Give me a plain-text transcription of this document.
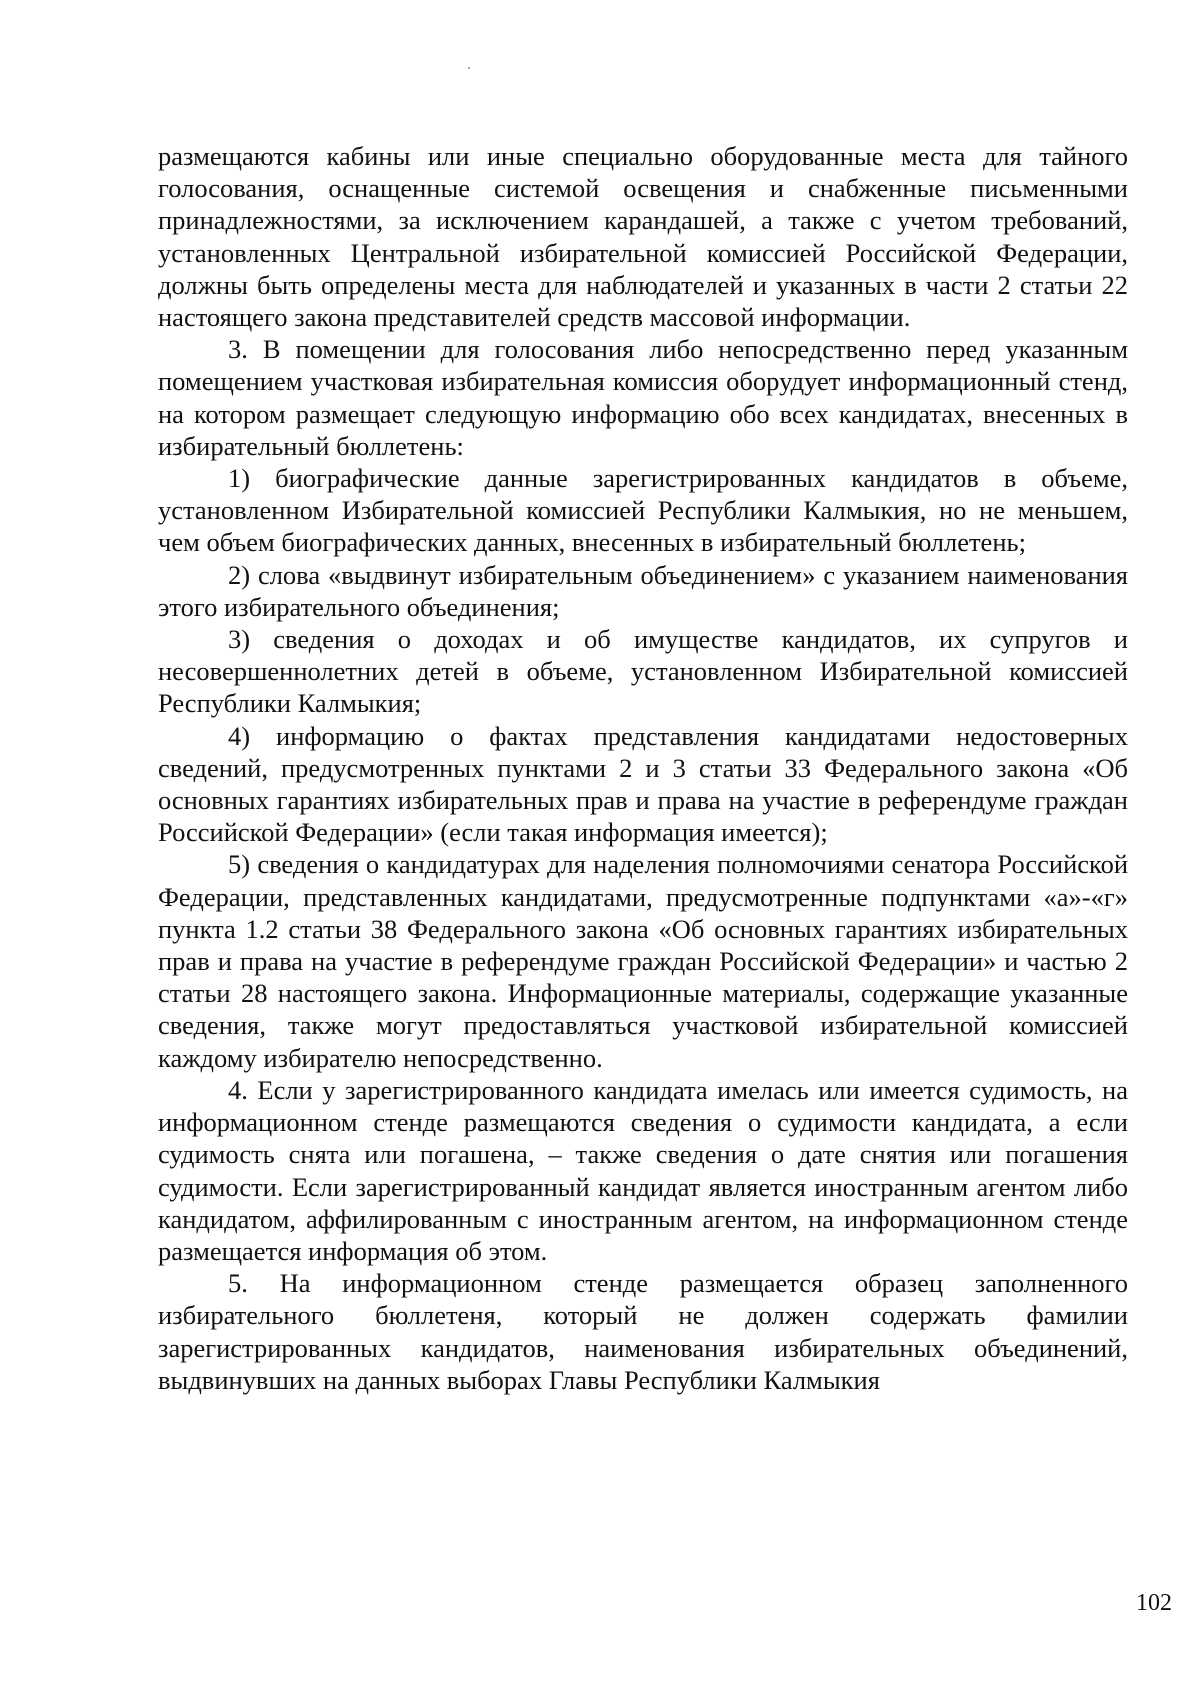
размещаются кабины или иные специально оборудованные места для тайного голосования, оснащенные системой освещения и снабженные письменными принадлежностями, за исключением карандашей, а также с учетом требований, установленных Центральной избирательной комиссией Российской Федерации, должны быть определены места для наблюдателей и указанных в части 2 статьи 22 настоящего закона представителей средств массовой информации.

3. В помещении для голосования либо непосредственно перед указанным помещением участковая избирательная комиссия оборудует информационный стенд, на котором размещает следующую информацию обо всех кандидатах, внесенных в избирательный бюллетень:

1) биографические данные зарегистрированных кандидатов в объеме, установленном Избирательной комиссией Республики Калмыкия, но не меньшем, чем объем биографических данных, внесенных в избирательный бюллетень;

2) слова «выдвинут избирательным объединением» с указанием наименования этого избирательного объединения;

3) сведения о доходах и об имуществе кандидатов, их супругов и несовершеннолетних детей в объеме, установленном Избирательной комиссией Республики Калмыкия;

4) информацию о фактах представления кандидатами недостоверных сведений, предусмотренных пунктами 2 и 3 статьи 33 Федерального закона «Об основных гарантиях избирательных прав и права на участие в референдуме граждан Российской Федерации» (если такая информация имеется);

5) сведения о кандидатурах для наделения полномочиями сенатора Российской Федерации, представленных кандидатами, предусмотренные подпунктами «а»-«г» пункта 1.2 статьи 38 Федерального закона «Об основных гарантиях избирательных прав и права на участие в референдуме граждан Российской Федерации» и частью 2 статьи 28 настоящего закона. Информационные материалы, содержащие указанные сведения, также могут предоставляться участковой избирательной комиссией каждому избирателю непосредственно.

4. Если у зарегистрированного кандидата имелась или имеется судимость, на информационном стенде размещаются сведения о судимости кандидата, а если судимость снята или погашена, – также сведения о дате снятия или погашения судимости. Если зарегистрированный кандидат является иностранным агентом либо кандидатом, аффилированным с иностранным агентом, на информационном стенде размещается информация об этом.

5. На информационном стенде размещается образец заполненного избирательного бюллетеня, который не должен содержать фамилии зарегистрированных кандидатов, наименования избирательных объединений, выдвинувших на данных выборах Главы Республики Калмыкия

102
